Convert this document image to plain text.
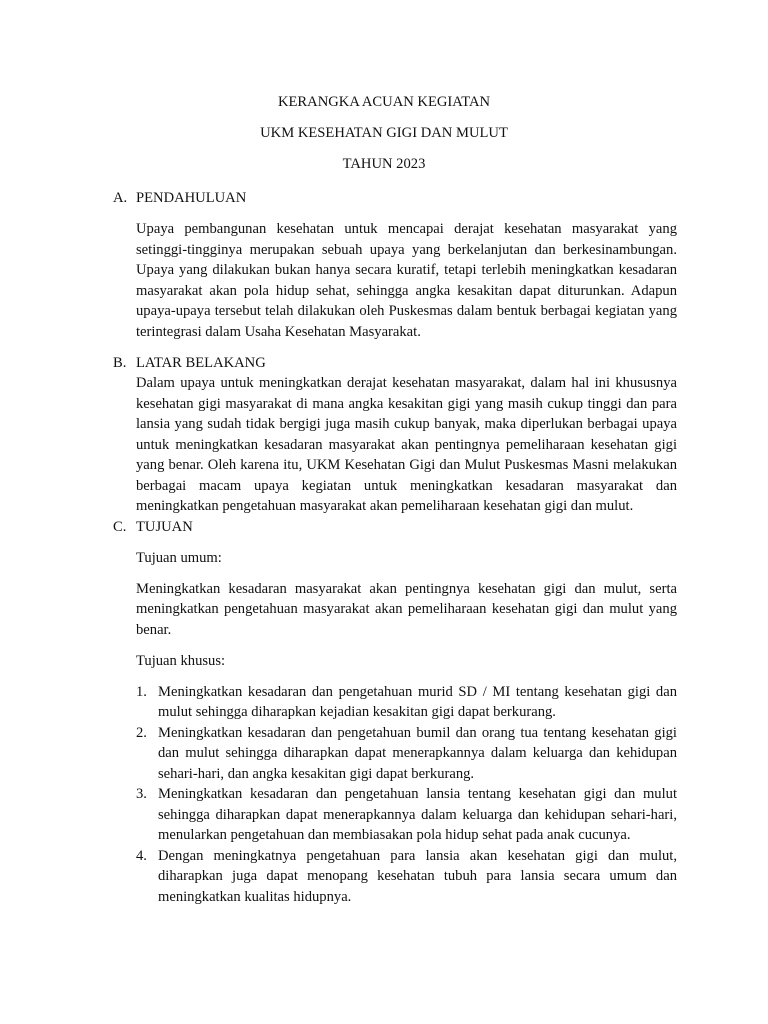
KERANGKA ACUAN KEGIATAN
UKM KESEHATAN GIGI DAN MULUT
TAHUN 2023
A. PENDAHULUAN

Upaya pembangunan kesehatan untuk mencapai derajat kesehatan masyarakat yang setinggi-tingginya merupakan sebuah upaya yang berkelanjutan dan berkesinambungan. Upaya yang dilakukan bukan hanya secara kuratif, tetapi terlebih meningkatkan kesadaran masyarakat akan pola hidup sehat, sehingga angka kesakitan dapat diturunkan. Adapun upaya-upaya tersebut telah dilakukan oleh Puskesmas dalam bentuk berbagai kegiatan yang terintegrasi dalam Usaha Kesehatan Masyarakat.

B. LATAR BELAKANG

Dalam upaya untuk meningkatkan derajat kesehatan masyarakat, dalam hal ini khususnya kesehatan gigi masyarakat di mana angka kesakitan gigi yang masih cukup tinggi dan para lansia yang sudah tidak bergigi juga masih cukup banyak, maka diperlukan berbagai upaya untuk meningkatkan kesadaran masyarakat akan pentingnya pemeliharaan kesehatan gigi yang benar. Oleh karena itu, UKM Kesehatan Gigi dan Mulut Puskesmas Masni melakukan berbagai macam upaya kegiatan untuk meningkatkan kesadaran masyarakat dan meningkatkan pengetahuan masyarakat akan pemeliharaan kesehatan gigi dan mulut.

C. TUJUAN

Tujuan umum:

Meningkatkan kesadaran masyarakat akan pentingnya kesehatan gigi dan mulut, serta meningkatkan pengetahuan masyarakat akan pemeliharaan kesehatan gigi dan mulut yang benar.

Tujuan khusus:

1. Meningkatkan kesadaran dan pengetahuan murid SD / MI tentang kesehatan gigi dan mulut sehingga diharapkan kejadian kesakitan gigi dapat berkurang.
2. Meningkatkan kesadaran dan pengetahuan bumil dan orang tua tentang kesehatan gigi dan mulut sehingga diharapkan dapat menerapkannya dalam keluarga dan kehidupan sehari-hari, dan angka kesakitan gigi dapat berkurang.
3. Meningkatkan kesadaran dan pengetahuan lansia tentang kesehatan gigi dan mulut sehingga diharapkan dapat menerapkannya dalam keluarga dan kehidupan sehari-hari, menularkan pengetahuan dan membiasakan pola hidup sehat pada anak cucunya.
4. Dengan meningkatnya pengetahuan para lansia akan kesehatan gigi dan mulut, diharapkan juga dapat menopang kesehatan tubuh para lansia secara umum dan meningkatkan kualitas hidupnya.
